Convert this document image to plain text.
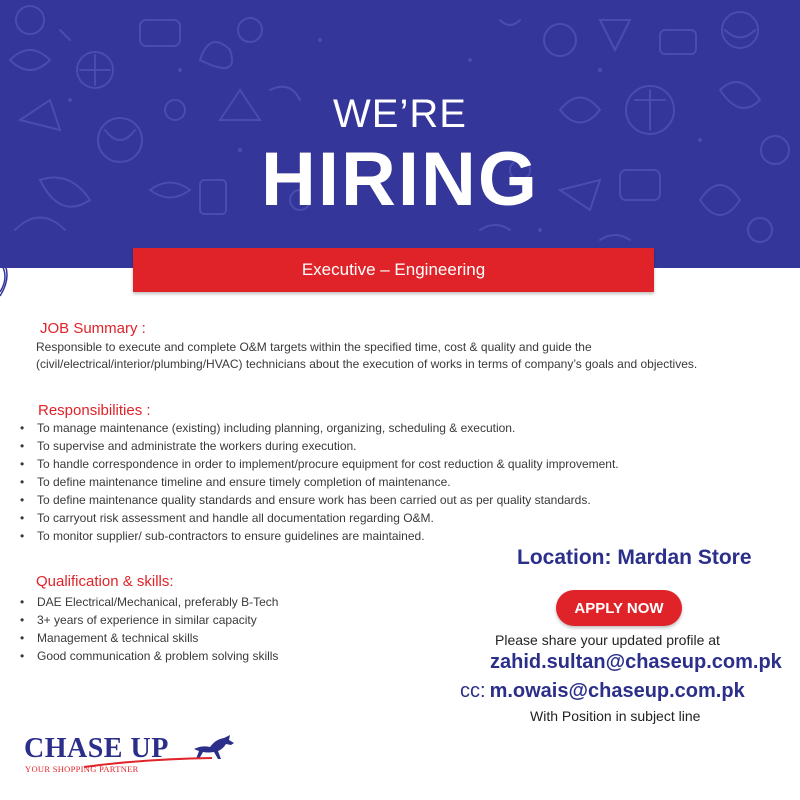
WE’RE
HIRING
Executive – Engineering
JOB Summary :
Responsible to execute and complete O&M targets within the specified time, cost & quality and guide the (civil/electrical/interior/plumbing/HVAC) technicians about the execution of works in terms of company’s goals and objectives.
Responsibilities :
• To manage maintenance (existing) including planning, organizing, scheduling & execution.
• To supervise and administrate the workers during execution.
• To handle correspondence in order to implement/procure equipment for cost reduction & quality improvement.
• To define maintenance timeline and ensure timely completion of maintenance.
• To define maintenance quality standards and ensure work has been carried out as per quality standards.
• To carryout risk assessment and handle all documentation regarding O&M.
• To monitor supplier/ sub-contractors to ensure guidelines are maintained.
Qualification & skills:
• DAE Electrical/Mechanical, preferably B-Tech
• 3+ years of experience in similar capacity
• Management & technical skills
• Good communication & problem solving skills
Location: Mardan Store
APPLY NOW
Please share your updated profile at
zahid.sultan@chaseup.com.pk
cc: m.owais@chaseup.com.pk
With Position in subject line
CHASE UP
YOUR SHOPPING PARTNER
